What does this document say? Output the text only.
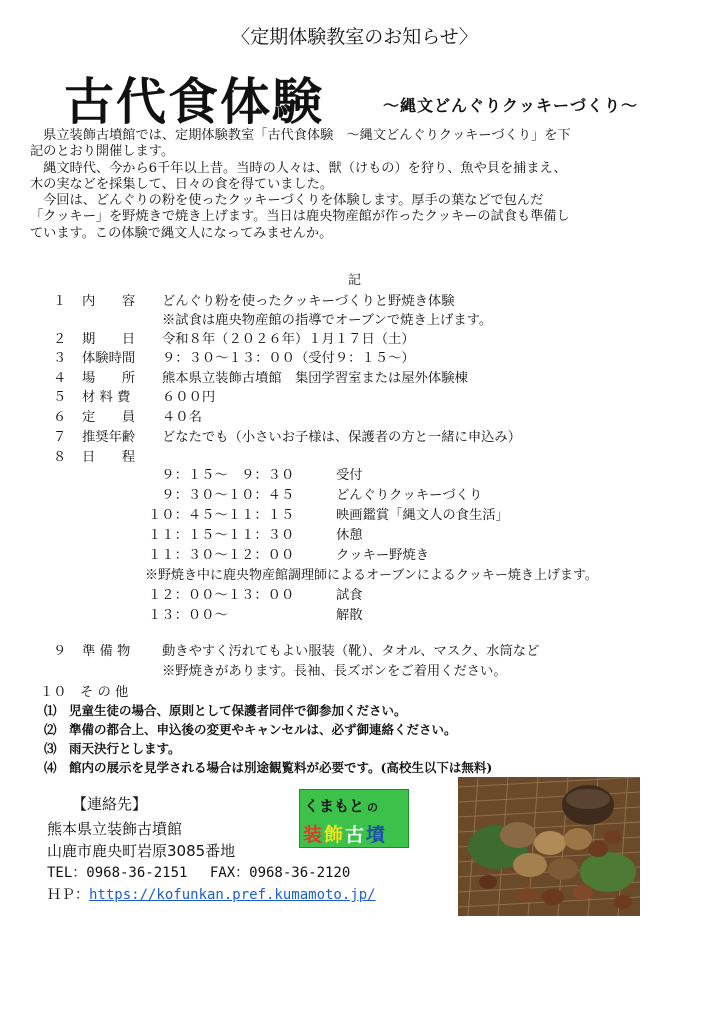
〈定期体験教室のお知らせ〉
古代食体験	～縄文どんぐりクッキーづくり～
　県立装飾古墳館では、定期体験教室「古代食体験　～縄文どんぐりクッキーづくり」を下
記のとおり開催します。
　縄文時代、今から6千年以上昔。当時の人々は、獣（けもの）を狩り、魚や貝を捕まえ、
木の実などを採集して、日々の食を得ていました。
　今回は、どんぐりの粉を使ったクッキーづくりを体験します。厚手の葉などで包んだ
「クッキー」を野焼きで焼き上げます。当日は鹿央物産館が作ったクッキーの試食も準備し
ています。この体験で縄文人になってみませんか。
記
１ 内　　容 どんぐり粉を使ったクッキーづくりと野焼き体験
※試食は鹿央物産館の指導でオーブンで焼き上げます。
２ 期　　日 令和８年（２０２６年）１月１７日（土）
３ 体験時間 ９：３０～１３：００（受付９：１５～）
４ 場　　所 熊本県立装飾古墳館　集団学習室または屋外体験棟
５ 材 料 費 ６００円
６ 定　　員 ４０名
７ 推奨年齢 どなたでも（小さいお子様は、保護者の方と一緒に申込み）
８ 日　　程
　９：１５～　９：３０	受付
　９：３０～１０：４５	どんぐりクッキーづくり
１０：４５～１１：１５	映画鑑賞「縄文人の食生活」
１１：１５～１１：３０	休憩
１１：３０～１２：００	クッキー野焼き
※野焼き中に鹿央物産館調理師によるオーブンによるクッキー焼き上げます。
１２：００～１３：００	試食
１３：００～	解散
９ 準 備 物 動きやすく汚れてもよい服装（靴）、タオル、マスク、水筒など
※野焼きがあります。長袖、長ズボンをご着用ください。
１０ そ の 他
⑴　児童生徒の場合、原則として保護者同伴で御参加ください。
⑵　準備の都合上、申込後の変更やキャンセルは、必ず御連絡ください。
⑶　雨天決行とします。
⑷　館内の展示を見学される場合は別途観覧料が必要です。(高校生以下は無料)
【連絡先】
熊本県立装飾古墳館
山鹿市鹿央町岩原3085番地
TEL：0968-36-2151　 FAX：0968-36-2120
ＨＰ：https://kofunkan.pref.kumamoto.jp/
くまもと の
装飾古墳
